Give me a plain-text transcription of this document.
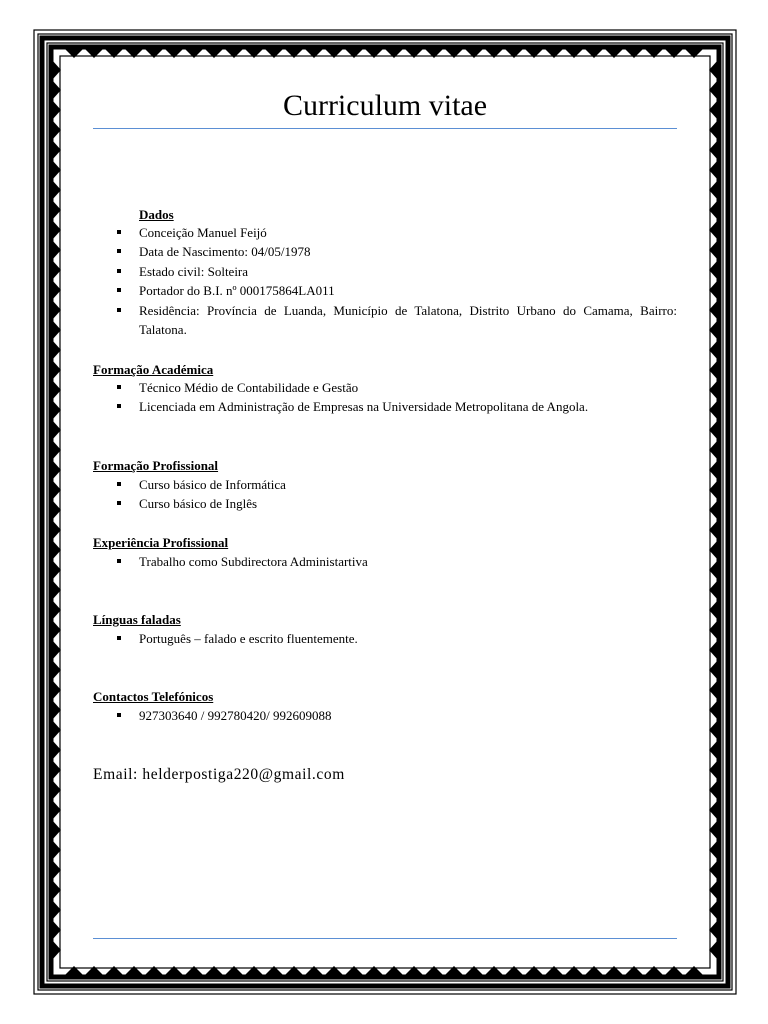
Curriculum vitae
Dados
Conceição Manuel Feijó
Data de Nascimento: 04/05/1978
Estado civil: Solteira
Portador do B.I. nº 000175864LA011
Residência: Província de Luanda, Município de Talatona, Distrito Urbano do Camama, Bairro: Talatona.
Formação Académica
Técnico Médio de Contabilidade e Gestão
Licenciada em Administração de Empresas na Universidade Metropolitana de Angola.
Formação Profissional
Curso básico de Informática
Curso básico de Inglês
Experiência Profissional
Trabalho como Subdirectora Administartiva
Línguas faladas
Português – falado e escrito fluentemente.
Contactos Telefónicos
927303640 / 992780420/ 992609088
Email: helderpostiga220@gmail.com
